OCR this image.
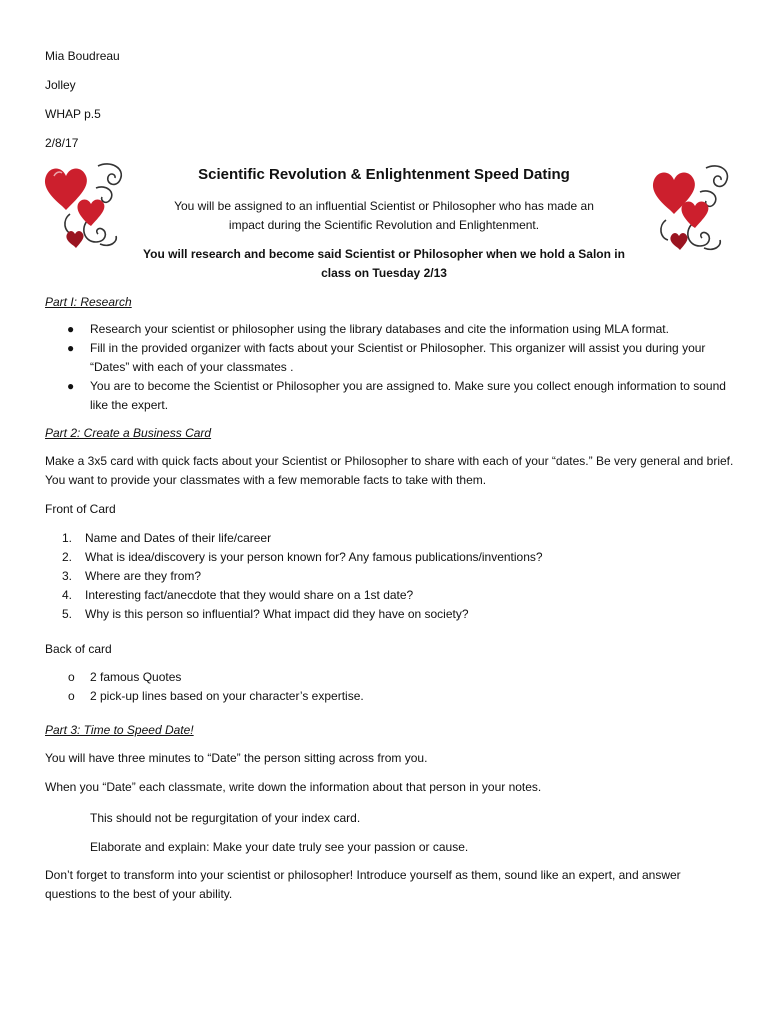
Mia Boudreau
Jolley
WHAP p.5
2/8/17
Scientific Revolution & Enlightenment Speed Dating
You will be assigned to an influential Scientist or Philosopher who has made an
impact during the Scientific Revolution and Enlightenment.
You will research and become said Scientist or Philosopher when we hold a Salon in
class on Tuesday 2/13
Part I: Research
● Research your scientist or philosopher using the library databases and cite the information using MLA format.
● Fill in the provided organizer with facts about your Scientist or Philosopher. This organizer will assist you during your “Dates” with each of your classmates .
● You are to become the Scientist or Philosopher you are assigned to. Make sure you collect enough information to sound like the expert.
Part 2: Create a Business Card
Make a 3x5 card with quick facts about your Scientist or Philosopher to share with each of your “dates.” Be very general and brief. You want to provide your classmates with a few memorable facts to take with them.
Front of Card
1. Name and Dates of their life/career
2. What is idea/discovery is your person known for? Any famous publications/inventions?
3. Where are they from?
4. Interesting fact/anecdote that they would share on a 1st date?
5. Why is this person so influential? What impact did they have on society?
Back of card
o 2 famous Quotes
o 2 pick-up lines based on your character’s expertise.
Part 3: Time to Speed Date!
You will have three minutes to “Date” the person sitting across from you.
When you “Date” each classmate, write down the information about that person in your notes.
This should not be regurgitation of your index card.
Elaborate and explain: Make your date truly see your passion or cause.
Don’t forget to transform into your scientist or philosopher! Introduce yourself as them, sound like an expert, and answer questions to the best of your ability.
